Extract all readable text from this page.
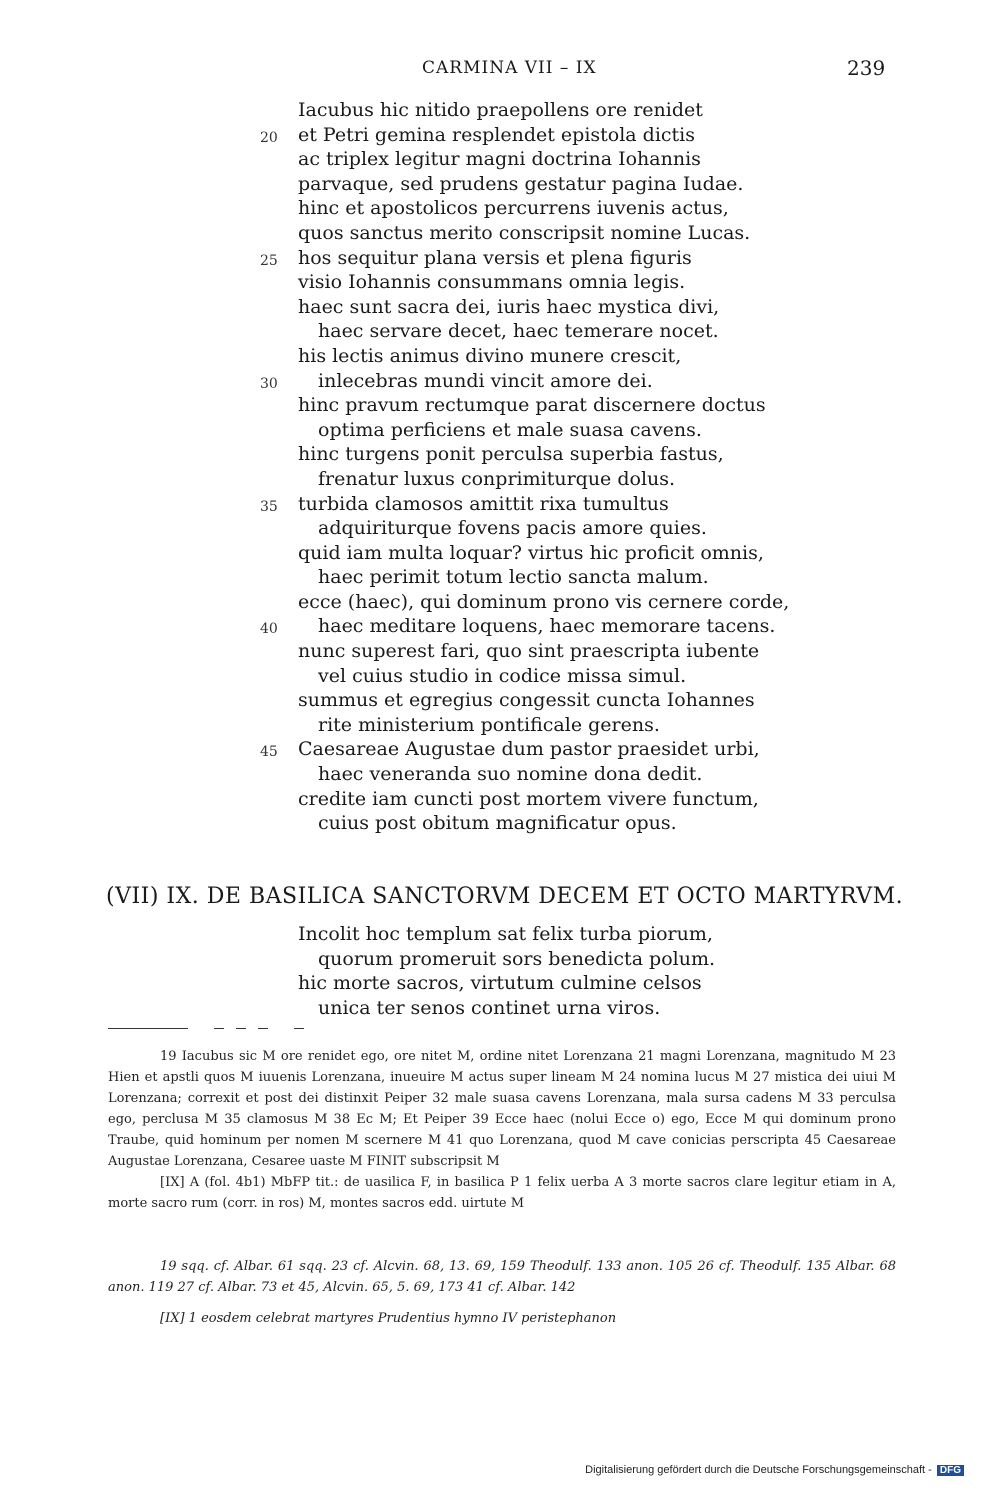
CARMINA VII – IX	239
Iacubus hic nitido praepollens ore renidet
20 et Petri gemina resplendet epistola dictis
ac triplex legitur magni doctrina Iohannis
parvaque, sed prudens gestatur pagina Iudae.
hinc et apostolicos percurrens iuvenis actus,
quos sanctus merito conscripsit nomine Lucas.
25 hos sequitur plana versis et plena figuris
visio Iohannis consummans omnia legis.
haec sunt sacra dei, iuris haec mystica divi,
haec servare decet, haec temerare nocet.
his lectis animus divino munere crescit,
30 inlecebras mundi vincit amore dei.
hinc pravum rectumque parat discernere doctus
optima perficiens et male suasa cavens.
hinc turgens ponit perculsa superbia fastus,
frenatur luxus conprimiturque dolus.
35 turbida clamosos amittit rixa tumultus
adquiriturque fovens pacis amore quies.
quid iam multa loquar? virtus hic proficit omnis,
haec perimit totum lectio sancta malum.
ecce (haec), qui dominum prono vis cernere corde,
40 haec meditare loquens, haec memorare tacens.
nunc superest fari, quo sint praescripta iubente
vel cuius studio in codice missa simul.
summus et egregius congessit cuncta Iohannes
rite ministerium pontificale gerens.
45 Caesareae Augustae dum pastor praesidet urbi,
haec veneranda suo nomine dona dedit.
credite iam cuncti post mortem vivere functum,
cuius post obitum magnificatur opus.
(VII) IX. DE BASILICA SANCTORVM DECEM ET OCTO MARTYRVM.
Incolit hoc templum sat felix turba piorum,
quorum promeruit sors benedicta polum.
hic morte sacros, virtutum culmine celsos
unica ter senos continet urna viros.

19 Iacubus sic M ore renidet ego, ore nitet M, ordine nitet Lorenzana 21 magni Lorenzana, magnitudo M 23 Hien et apstli quos M iuuenis Lorenzana, inueuire M actus super lineam M 24 nomina lucus M 27 mistica dei uiui M Lorenzana; correxit et post dei distinxit Peiper 32 male suasa cavens Lorenzana, mala sursa cadens M 33 perculsa ego, perclusa M 35 clamosus M 38 Ec M; Et Peiper 39 Ecce haec (nolui Ecce o) ego, Ecce M qui dominum prono Traube, quid hominum per nomen M scernere M 41 quo Lorenzana, quod M cave conicias perscripta 45 Caesareae Augustae Lorenzana, Cesaree uaste M FINIT subscripsit M

[IX] A (fol. 4b1) MbFP tit.: de uasilica F, in basilica P 1 felix uerba A 3 morte sacros clare legitur etiam in A, morte sacro rum (corr. in ros) M, montes sacros edd. uirtute M

19 sqq. cf. Albar. 61 sqq. 23 cf. Alcvin. 68, 13. 69, 159 Theodulf. 133 anon. 105 26 cf. Theodulf. 135 Albar. 68 anon. 119 27 cf. Albar. 73 et 45, Alcvin. 65, 5. 69, 173 41 cf. Albar. 142

[IX] 1 eosdem celebrat martyres Prudentius hymno IV peristephanon

Digitalisierung gefördert durch die Deutsche Forschungsgemeinschaft - DFG
